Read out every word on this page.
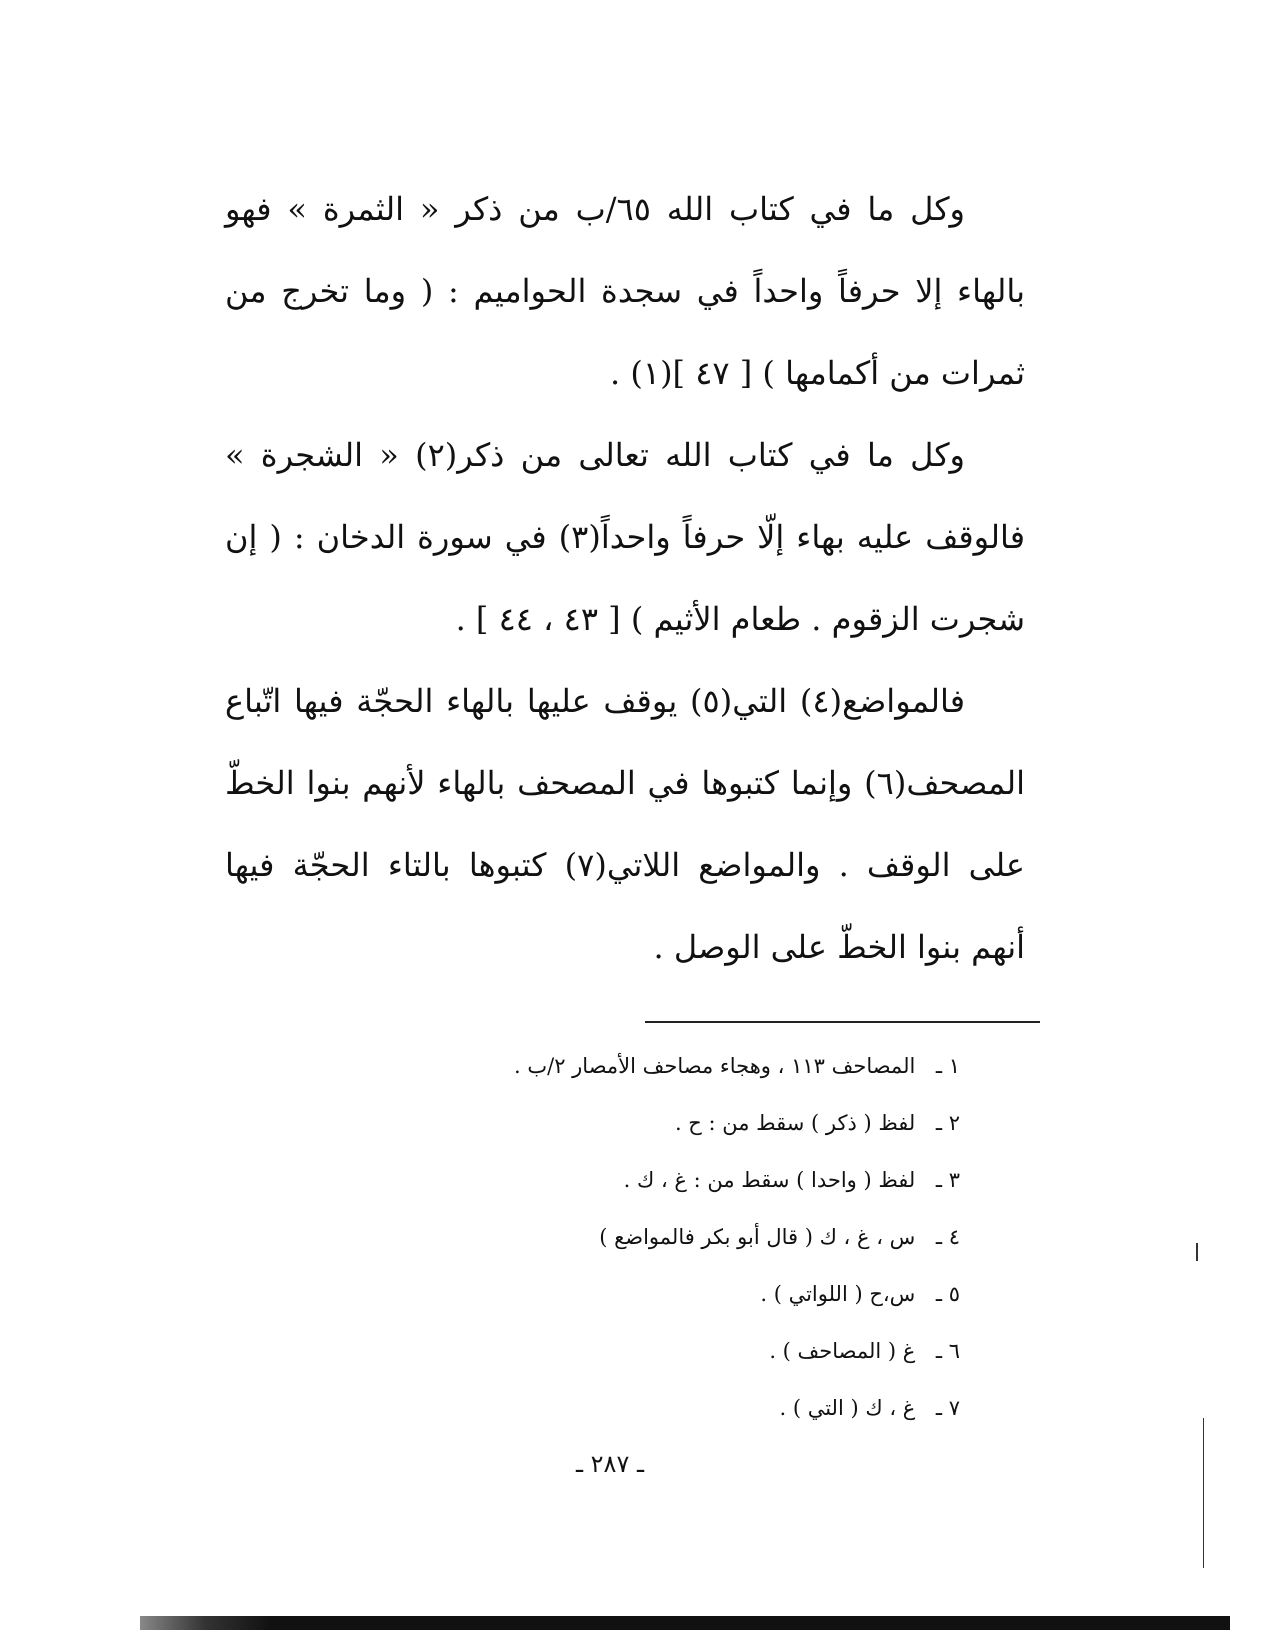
وكل ما في كتاب الله ٦٥/ب من ذكر « الثمرة » فهو بالهاء إلا حرفاً واحداً في سجدة الحواميم : ( وما تخرج من ثمرات من أكمامها ) [ ٤٧ ](١) .

وكل ما في كتاب الله تعالى من ذكر(٢) « الشجرة » فالوقف عليه بهاء إلّا حرفاً واحداً(٣) في سورة الدخان : ( إن شجرت الزقوم . طعام الأثيم ) [ ٤٣ ، ٤٤ ] .

فالمواضع(٤) التي(٥) يوقف عليها بالهاء الحجّة فيها اتّباع المصحف(٦) وإنما كتبوها في المصحف بالهاء لأنهم بنوا الخطّ على الوقف . والمواضع اللاتي(٧) كتبوها بالتاء الحجّة فيها أنهم بنوا الخطّ على الوصل .

١ ـ المصاحف ١١٣ ، وهجاء مصاحف الأمصار ٢/ب .
٢ ـ لفظ ( ذكر ) سقط من : ح .
٣ ـ لفظ ( واحدا ) سقط من : غ ، ك .
٤ ـ س ، غ ، ك ( قال أبو بكر فالمواضع )
٥ ـ س،ح ( اللواتي ) .
٦ ـ غ ( المصاحف ) .
٧ ـ غ ، ك ( التي ) .
ـ ٢٨٧ ـ
